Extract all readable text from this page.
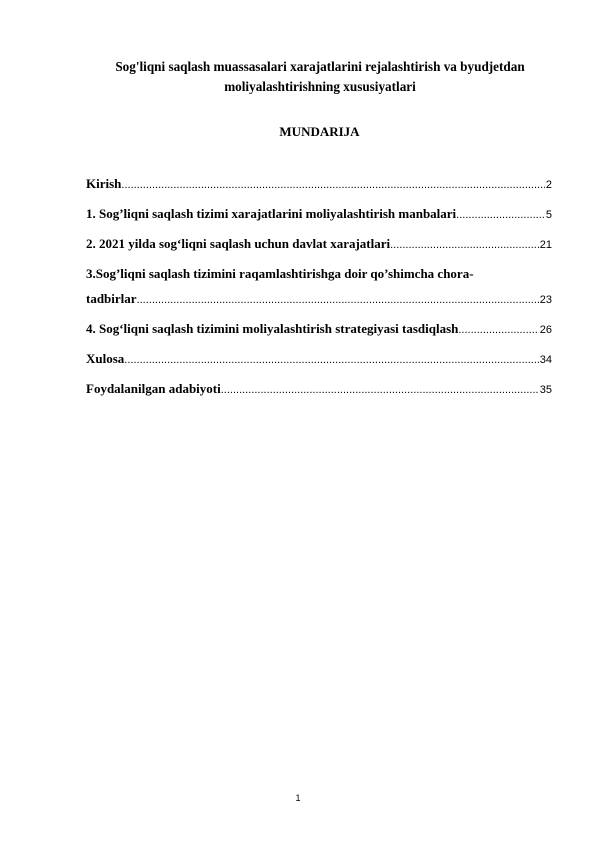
Sog'liqni saqlash muassasalari xarajatlarini rejalashtirish va byudjetdan moliyalashtirishning xususiyatlari
MUNDARIJA
Kirish .....	2
1. Sog’liqni saqlash tizimi xarajatlarini moliyalashtirish manbalari .....	5
2. 2021 yilda sog‘liqni saqlash uchun davlat xarajatlari .....	21
3.Sog’liqni saqlash tizimini raqamlashtirishga doir qo’shimcha chora-
tadbirlar .....	23
4. Sog‘liqni saqlash tizimini moliyalashtirish strategiyasi tasdiqlash .....	26
Xulosa .....	34
Foydalanilgan adabiyoti .....	35
1
